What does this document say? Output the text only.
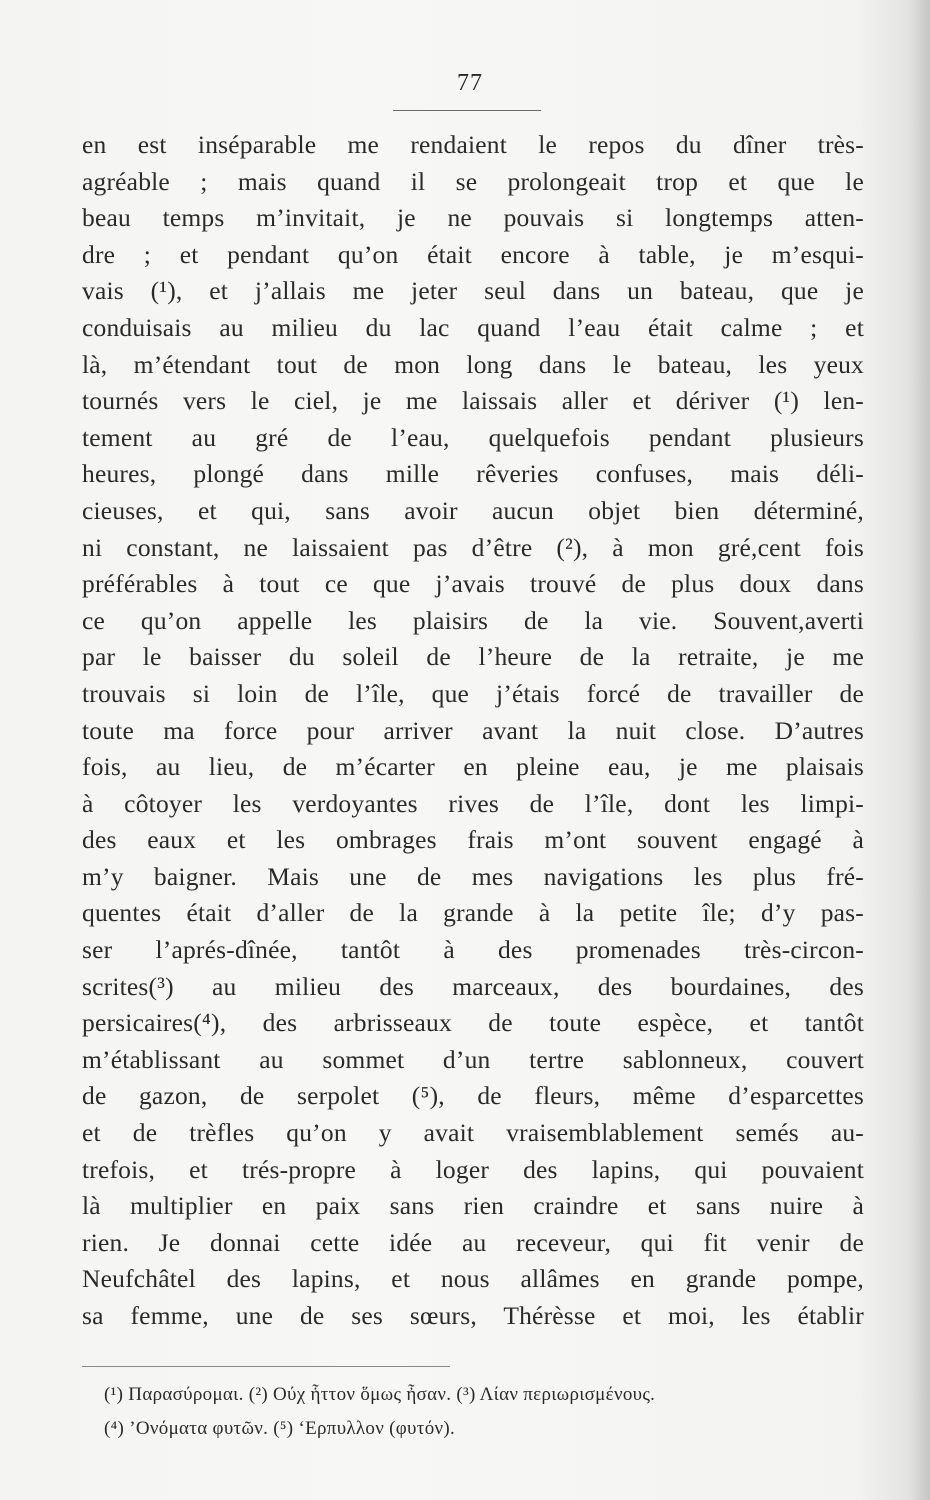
77
en est inséparable me rendaient le repos du dîner très-
agréable ; mais quand il se prolongeait trop et que le
beau temps m’invitait, je ne pouvais si longtemps atten-
dre ; et pendant qu’on était encore à table, je m’esqui-
vais (¹), et j’allais me jeter seul dans un bateau, que je
conduisais au milieu du lac quand l’eau était calme ; et
là, m’étendant tout de mon long dans le bateau, les yeux
tournés vers le ciel, je me laissais aller et dériver (¹) len-
tement au gré de l’eau, quelquefois pendant plusieurs
heures, plongé dans mille rêveries confuses, mais déli-
cieuses, et qui, sans avoir aucun objet bien déterminé,
ni constant, ne laissaient pas d’être (²), à mon gré,cent fois
préférables à tout ce que j’avais trouvé de plus doux dans
ce qu’on appelle les plaisirs de la vie. Souvent,averti
par le baisser du soleil de l’heure de la retraite, je me
trouvais si loin de l’île, que j’étais forcé de travailler de
toute ma force pour arriver avant la nuit close. D’autres
fois, au lieu, de m’écarter en pleine eau, je me plaisais
à côtoyer les verdoyantes rives de l’île, dont les limpi-
des eaux et les ombrages frais m’ont souvent engagé à
m’y baigner. Mais une de mes navigations les plus fré-
quentes était d’aller de la grande à la petite île; d’y pas-
ser l’aprés-dînée, tantôt à des promenades très-circon-
scrites(³) au milieu des marceaux, des bourdaines, des
persicaires(⁴), des arbrisseaux de toute espèce, et tantôt
m’établissant au sommet d’un tertre sablonneux, couvert
de gazon, de serpolet (⁵), de fleurs, même d’esparcettes
et de trèfles qu’on y avait vraisemblablement semés au-
trefois, et trés-propre à loger des lapins, qui pouvaient
là multiplier en paix sans rien craindre et sans nuire à
rien. Je donnai cette idée au receveur, qui fit venir de
Neufchâtel des lapins, et nous allâmes en grande pompe,
sa femme, une de ses sœurs, Thérèsse et moi, les établir
(¹) Παρασύρομαι. (²) Ούχ ἧττον ὅμως ἦσαν. (³) Λίαν περιωρισμένους.
(⁴) ’Ονόματα φυτῶν. (⁵) ‘Ερπυλλον (φυτόν).
